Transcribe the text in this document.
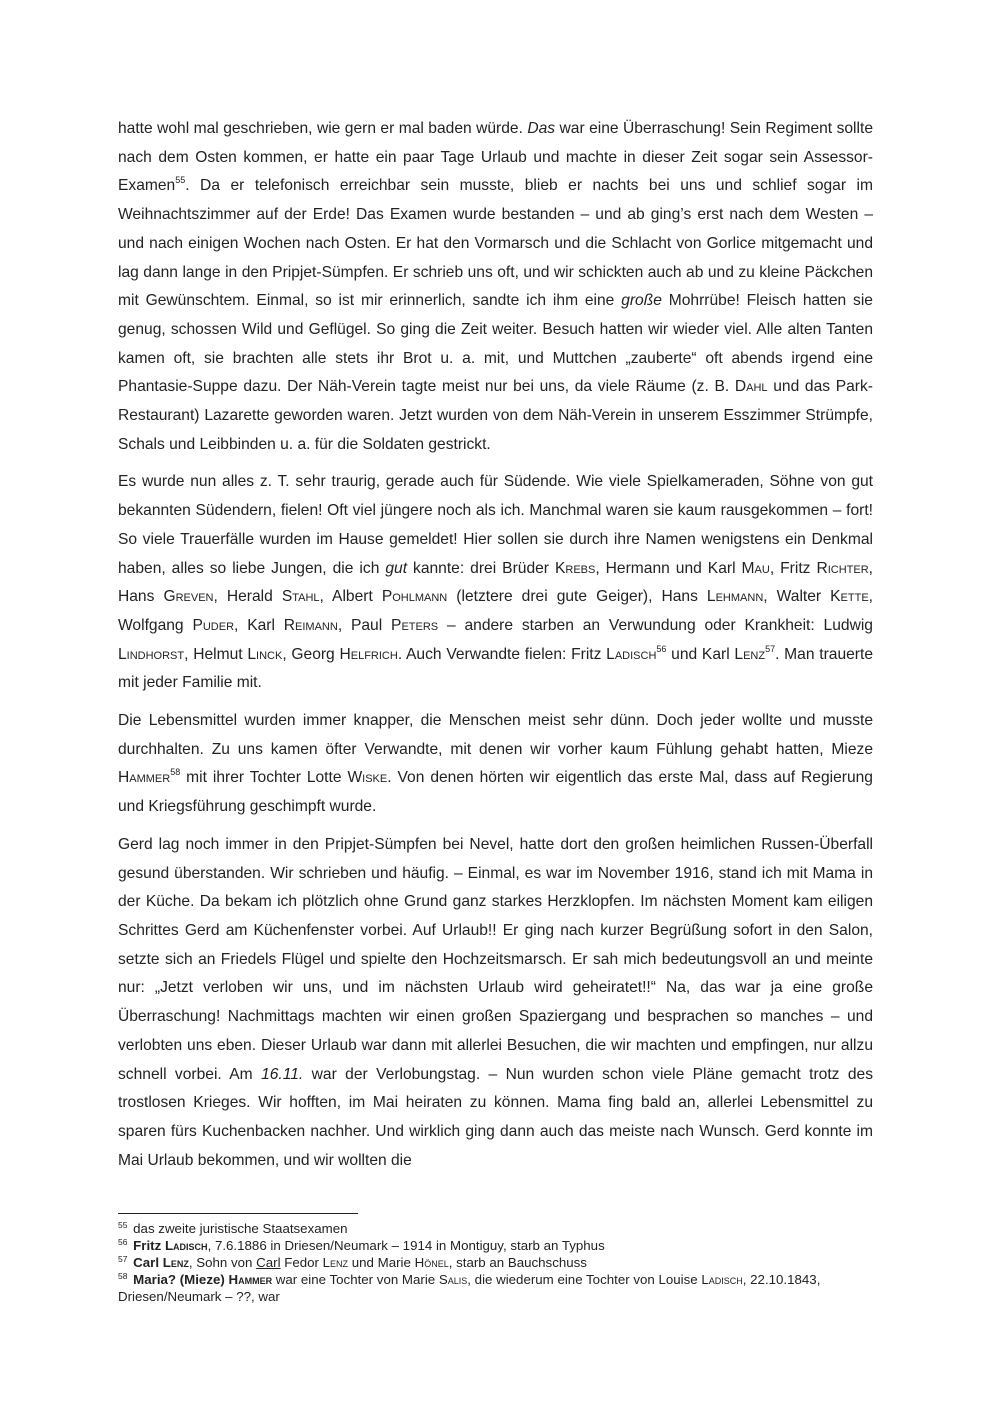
hatte wohl mal geschrieben, wie gern er mal baden würde. Das war eine Überraschung! Sein Regiment sollte nach dem Osten kommen, er hatte ein paar Tage Urlaub und machte in dieser Zeit sogar sein Assessor-Examen$^{55}$. Da er telefonisch erreichbar sein musste, blieb er nachts bei uns und schlief sogar im Weihnachtszimmer auf der Erde! Das Examen wurde bestanden – und ab ging’s erst nach dem Westen – und nach einigen Wochen nach Osten. Er hat den Vormarsch und die Schlacht von Gorlice mitgemacht und lag dann lange in den Pripjet-Sümpfen. Er schrieb uns oft, und wir schickten auch ab und zu kleine Päckchen mit Gewünschtem. Einmal, so ist mir erinnerlich, sandte ich ihm eine große Mohrrübe! Fleisch hatten sie genug, schossen Wild und Geflügel. So ging die Zeit weiter. Besuch hatten wir wieder viel. Alle alten Tanten kamen oft, sie brachten alle stets ihr Brot u. a. mit, und Muttchen „zauberte“ oft abends irgend eine Phantasie-Suppe dazu. Der Näh-Verein tagte meist nur bei uns, da viele Räume (z. B. Dahl und das Park-Restaurant) Lazarette geworden waren. Jetzt wurden von dem Näh-Verein in unserem Esszimmer Strümpfe, Schals und Leibbinden u. a. für die Soldaten gestrickt.

Es wurde nun alles z. T. sehr traurig, gerade auch für Südende. Wie viele Spielkameraden, Söhne von gut bekannten Südendern, fielen! Oft viel jüngere noch als ich. Manchmal waren sie kaum rausgekommen – fort! So viele Trauerfälle wurden im Hause gemeldet! Hier sollen sie durch ihre Namen wenigstens ein Denkmal haben, alles so liebe Jungen, die ich gut kannte: drei Brüder Krebs, Hermann und Karl Mau, Fritz Richter, Hans Greven, Herald Stahl, Albert Pohlmann (letztere drei gute Geiger), Hans Lehmann, Walter Kette, Wolfgang Puder, Karl Reimann, Paul Peters – andere starben an Verwundung oder Krankheit: Ludwig Lindhorst, Helmut Linck, Georg Helfrich. Auch Verwandte fielen: Fritz Ladisch$^{56}$ und Karl Lenz$^{57}$. Man trauerte mit jeder Familie mit.

Die Lebensmittel wurden immer knapper, die Menschen meist sehr dünn. Doch jeder wollte und musste durchhalten. Zu uns kamen öfter Verwandte, mit denen wir vorher kaum Fühlung gehabt hatten, Mieze Hammer$^{58}$ mit ihrer Tochter Lotte Wiske. Von denen hörten wir eigentlich das erste Mal, dass auf Regierung und Kriegsführung geschimpft wurde.

Gerd lag noch immer in den Pripjet-Sümpfen bei Nevel, hatte dort den großen heimlichen Russen-Überfall gesund überstanden. Wir schrieben und häufig. – Einmal, es war im November 1916, stand ich mit Mama in der Küche. Da bekam ich plötzlich ohne Grund ganz starkes Herzklopfen. Im nächsten Moment kam eiligen Schrittes Gerd am Küchenfenster vorbei. Auf Urlaub!! Er ging nach kurzer Begrüßung sofort in den Salon, setzte sich an Friedels Flügel und spielte den Hochzeitsmarsch. Er sah mich bedeutungsvoll an und meinte nur: „Jetzt verloben wir uns, und im nächsten Urlaub wird geheiratet!!“ Na, das war ja eine große Überraschung! Nachmittags machten wir einen großen Spaziergang und besprachen so manches – und verlobten uns eben. Dieser Urlaub war dann mit allerlei Besuchen, die wir machten und empfingen, nur allzu schnell vorbei. Am 16.11. war der Verlobungstag. – Nun wurden schon viele Pläne gemacht trotz des trostlosen Krieges. Wir hofften, im Mai heiraten zu können. Mama fing bald an, allerlei Lebensmittel zu sparen fürs Kuchenbacken nachher. Und wirklich ging dann auch das meiste nach Wunsch. Gerd konnte im Mai Urlaub bekommen, und wir wollten die

$^{55}$ das zweite juristische Staatsexamen

$^{56}$ Fritz Ladisch, 7.6.1886 in Driesen/Neumark – 1914 in Montiguy, starb an Typhus

$^{57}$ Carl Lenz, Sohn von Carl Fedor Lenz und Marie Hönel, starb an Bauchschuss

$^{58}$ Maria? (Mieze) Hammer war eine Tochter von Marie Salis, die wiederum eine Tochter von Louise Ladisch, 22.10.1843, Driesen/Neumark – ??, war
